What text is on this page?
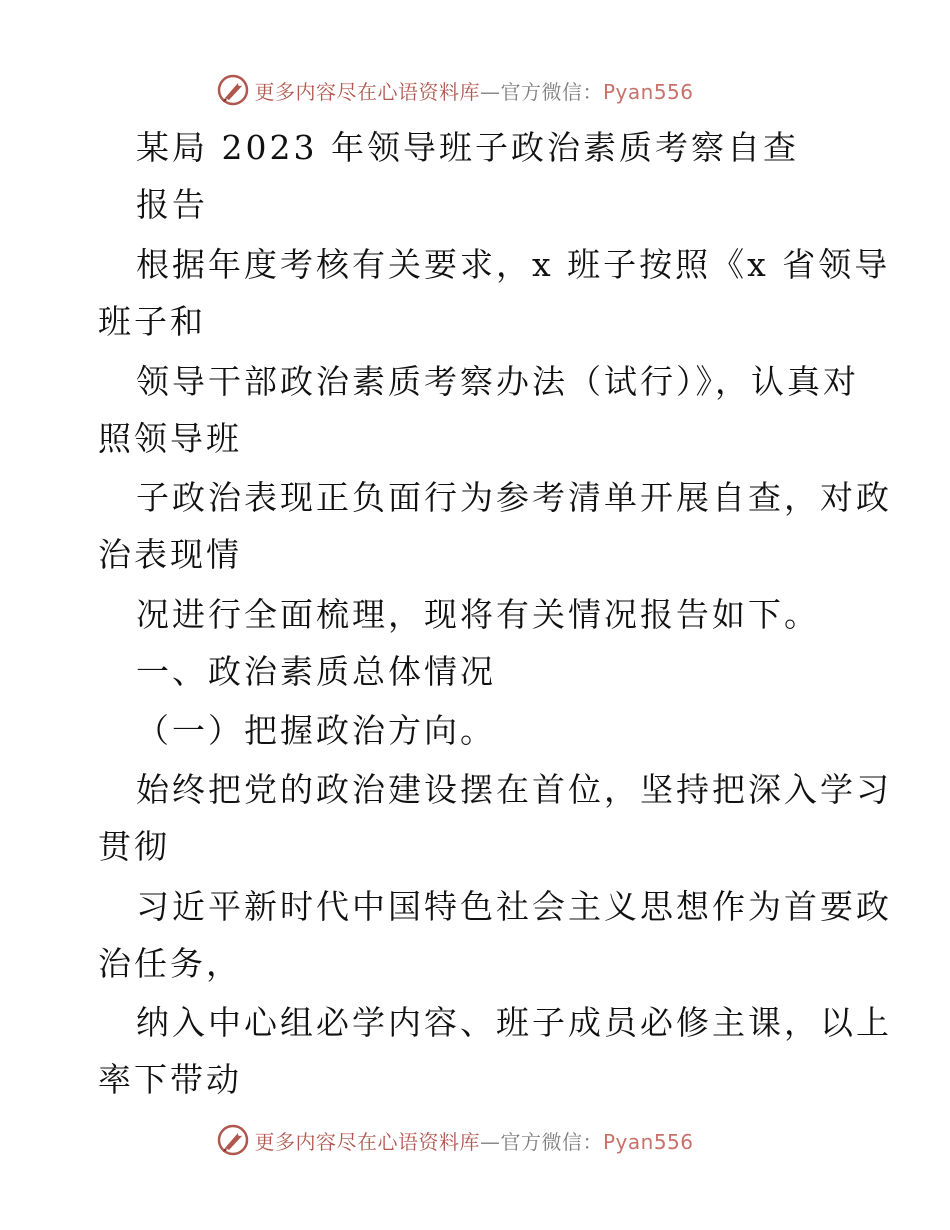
更多内容尽在心语资料库—官方微信：Pyan556
某局 2023 年领导班子政治素质考察自查
报告
根据年度考核有关要求，x 班子按照《x 省领导
班子和
领导干部政治素质考察办法（试行）》，认真对
照领导班
子政治表现正负面行为参考清单开展自查，对政
治表现情
况进行全面梳理，现将有关情况报告如下。
一、政治素质总体情况
（一）把握政治方向。
始终把党的政治建设摆在首位，坚持把深入学习
贯彻
习近平新时代中国特色社会主义思想作为首要政
治任务，
纳入中心组必学内容、班子成员必修主课，以上
率下带动
更多内容尽在心语资料库—官方微信：Pyan556
